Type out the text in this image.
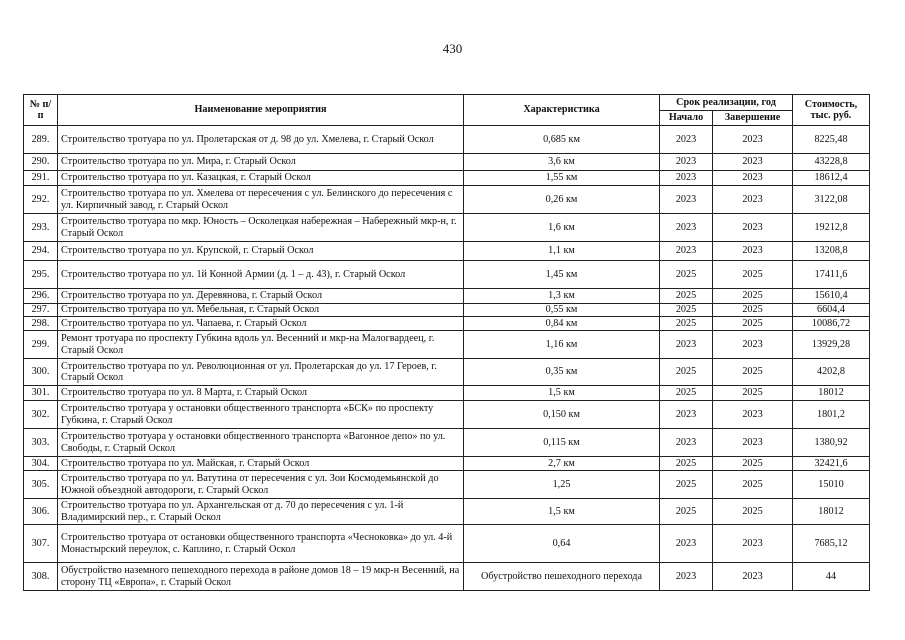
430
№ п/п	Наименование мероприятия	Характеристика	Срок реализации, год		Стоимость, тыс. руб.
			Начало	Завершение	
289.	Строительство тротуара по ул. Пролетарская от д. 98 до ул. Хмелева, г. Старый Оскол	0,685 км	2023	2023	8225,48
290.	Строительство тротуара по ул. Мира, г. Старый Оскол	3,6 км	2023	2023	43228,8
291.	Строительство тротуара по ул. Казацкая, г. Старый Оскол	1,55 км	2023	2023	18612,4
292.	Строительство тротуара по ул. Хмелева от пересечения с ул. Белинского до пересечения с ул. Кирпичный завод, г. Старый Оскол	0,26 км	2023	2023	3122,08
293.	Строительство тротуара по мкр. Юность – Осколецкая набережная – Набережный мкр-н, г. Старый Оскол	1,6 км	2023	2023	19212,8
294.	Строительство тротуара по ул. Крупской, г. Старый Оскол	1,1 км	2023	2023	13208,8
295.	Строительство тротуара по ул. 1й Конной Армии (д. 1 – д. 43), г. Старый Оскол	1,45 км	2025	2025	17411,6
296.	Строительство тротуара по ул. Деревянова, г. Старый Оскол	1,3 км	2025	2025	15610,4
297.	Строительство тротуара по ул. Мебельная, г. Старый Оскол	0,55 км	2025	2025	6604,4
298.	Строительство тротуара по ул. Чапаева, г. Старый Оскол	0,84 км	2025	2025	10086,72
299.	Ремонт тротуара по проспекту Губкина вдоль ул. Весенний и мкр-на Малогвардеец, г. Старый Оскол	1,16 км	2023	2023	13929,28
300.	Строительство тротуара по ул. Революционная от ул. Пролетарская до ул. 17 Героев, г. Старый Оскол	0,35 км	2025	2025	4202,8
301.	Строительство тротуара по ул. 8 Марта, г. Старый Оскол	1,5 км	2025	2025	18012
302.	Строительство тротуара у остановки общественного транспорта «БСК» по проспекту Губкина, г. Старый Оскол	0,150 км	2023	2023	1801,2
303.	Строительство тротуара у остановки общественного транспорта «Вагонное депо» по ул. Свободы, г. Старый Оскол	0,115 км	2023	2023	1380,92
304.	Строительство тротуара по ул. Майская, г. Старый Оскол	2,7 км	2025	2025	32421,6
305.	Строительство тротуара по ул. Ватутина от пересечения с ул. Зои Космодемьянской до Южной объездной автодороги, г. Старый Оскол	1,25	2025	2025	15010
306.	Строительство тротуара по ул. Архангельская от д. 70 до пересечения с ул. 1-й Владимирский пер., г. Старый Оскол	1,5 км	2025	2025	18012
307.	Строительство тротуара от остановки общественного транспорта «Чесноковка» до ул. 4-й Монастырский переулок, с. Каплино, г. Старый Оскол	0,64	2023	2023	7685,12
308.	Обустройство наземного пешеходного перехода в районе домов 18 – 19 мкр-н Весенний, на сторону ТЦ «Европа», г. Старый Оскол	Обустройство пешеходного перехода	2023	2023	44
